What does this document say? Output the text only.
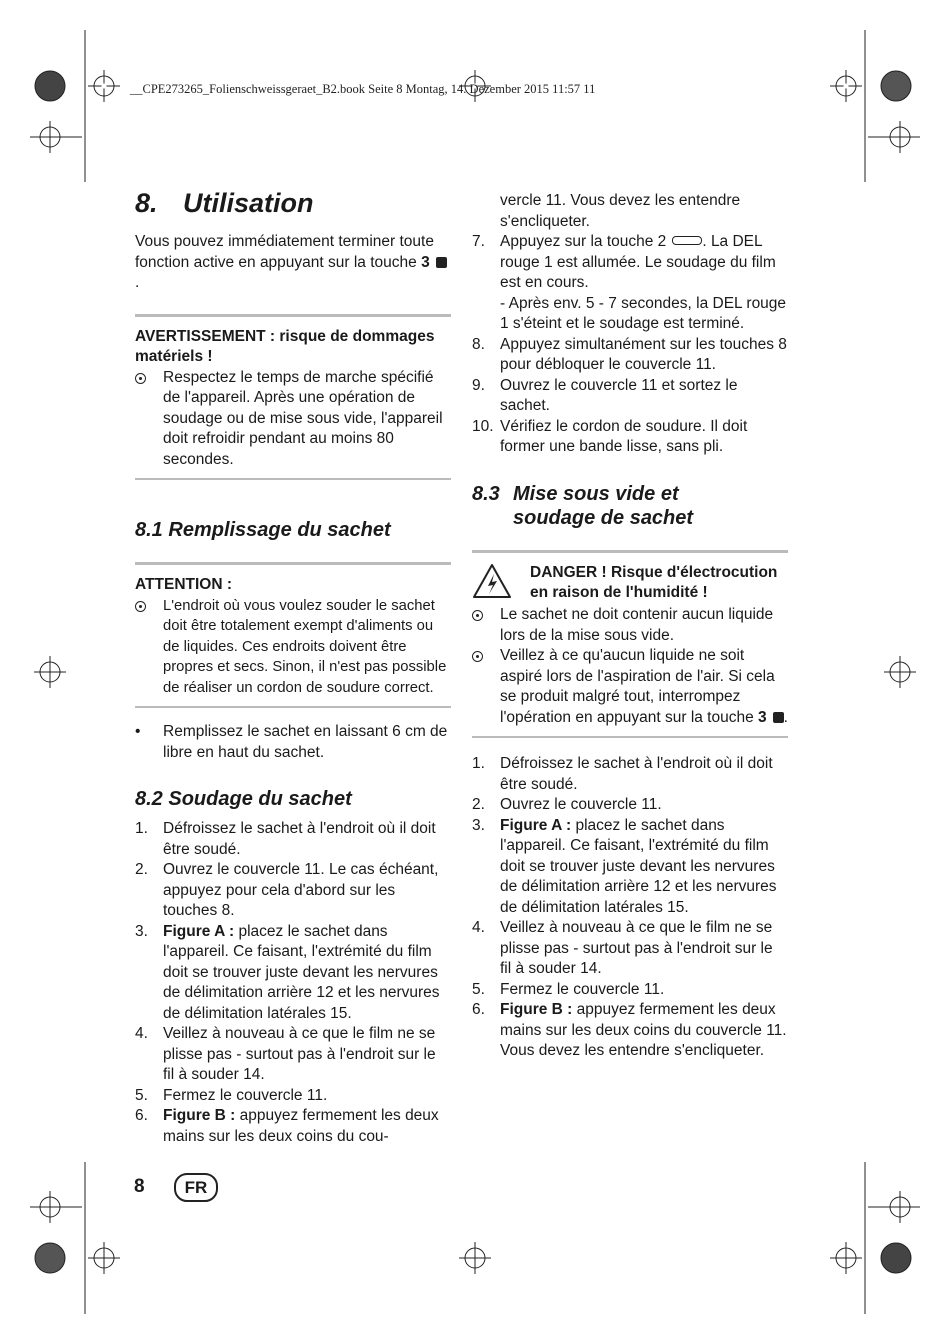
__CPE273265_Folienschweissgeraet_B2.book Seite 8 Montag, 14. Dezember 2015 11:57 11
8. Utilisation

Vous pouvez immédiatement terminer toute fonction active en appuyant sur la touche 3.

AVERTISSEMENT : risque de dommages matériels !
Respectez le temps de marche spécifié de l'appareil. Après une opération de soudage ou de mise sous vide, l'appareil doit refroidir pendant au moins 80 secondes.
8.1 Remplissage du sachet
ATTENTION :
L'endroit où vous voulez souder le sachet doit être totalement exempt d'aliments ou de liquides. Ces endroits doivent être propres et secs. Sinon, il n'est pas possible de réaliser un cordon de soudure correct.
•	Remplissez le sachet en laissant 6 cm de libre en haut du sachet.
8.2 Soudage du sachet
1. Défroissez le sachet à l'endroit où il doit être soudé.
2. Ouvrez le couvercle 11. Le cas échéant, appuyez pour cela d'abord sur les touches 8.
3. Figure A : placez le sachet dans l'appareil. Ce faisant, l'extrémité du film doit se trouver juste devant les nervures de délimitation arrière 12 et les nervures de délimitation latérales 15.
4. Veillez à nouveau à ce que le film ne se plisse pas - surtout pas à l'endroit sur le fil à souder 14.
5. Fermez le couvercle 11.
6. Figure B : appuyez fermement les deux mains sur les deux coins du cou-
vercle 11. Vous devez les entendre s'encliqueter.
7. Appuyez sur la touche 2 . La DEL rouge 1 est allumée. Le soudage du film est en cours.
- Après env. 5 - 7 secondes, la DEL rouge 1 s'éteint et le soudage est terminé.
8. Appuyez simultanément sur les touches 8 pour débloquer le couvercle 11.
9. Ouvrez le couvercle 11 et sortez le sachet.
10. Vérifiez le cordon de soudure. Il doit former une bande lisse, sans pli.
8.3 Mise sous vide et
soudage de sachet
DANGER ! Risque d'électrocution en raison de l'humidité !
Le sachet ne doit contenir aucun liquide lors de la mise sous vide.
Veillez à ce qu'aucun liquide ne soit aspiré lors de l'aspiration de l'air. Si cela se produit malgré tout, interrompez l'opération en appuyant sur la touche 3 .
1. Défroissez le sachet à l'endroit où il doit être soudé.
2. Ouvrez le couvercle 11.
3. Figure A : placez le sachet dans l'appareil. Ce faisant, l'extrémité du film doit se trouver juste devant les nervures de délimitation arrière 12 et les nervures de délimitation latérales 15.
4. Veillez à nouveau à ce que le film ne se plisse pas - surtout pas à l'endroit sur le fil à souder 14.
5. Fermez le couvercle 11.
6. Figure B : appuyez fermement les deux mains sur les deux coins du couvercle 11. Vous devez les entendre s'encliqueter.
8	FR
